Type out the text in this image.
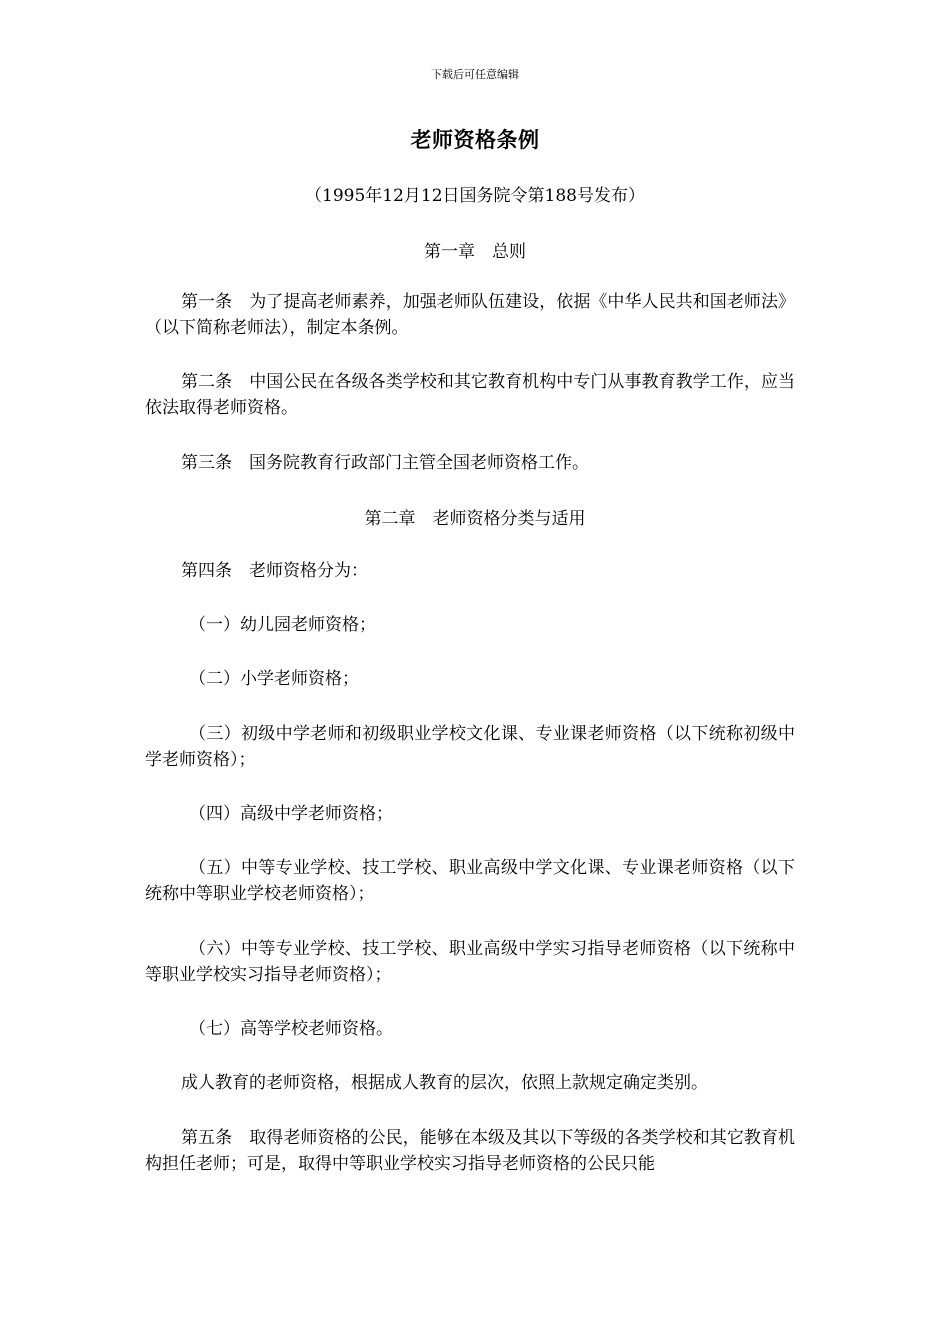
下载后可任意编辑
老师资格条例
（1995年12月12日国务院令第188号发布）
第一章　总则
第一条　为了提高老师素养，加强老师队伍建设，依据《中华人民共和国老师法》（以下简称老师法），制定本条例。
第二条　中国公民在各级各类学校和其它教育机构中专门从事教育教学工作，应当依法取得老师资格。
第三条　国务院教育行政部门主管全国老师资格工作。
第二章　老师资格分类与适用
第四条　老师资格分为：
（一）幼儿园老师资格；
（二）小学老师资格；
（三）初级中学老师和初级职业学校文化课、专业课老师资格（以下统称初级中学老师资格）；
（四）高级中学老师资格；
（五）中等专业学校、技工学校、职业高级中学文化课、专业课老师资格（以下统称中等职业学校老师资格）；
（六）中等专业学校、技工学校、职业高级中学实习指导老师资格（以下统称中等职业学校实习指导老师资格）；
（七）高等学校老师资格。
成人教育的老师资格，根据成人教育的层次，依照上款规定确定类别。
第五条　取得老师资格的公民，能够在本级及其以下等级的各类学校和其它教育机构担任老师；可是，取得中等职业学校实习指导老师资格的公民只能
